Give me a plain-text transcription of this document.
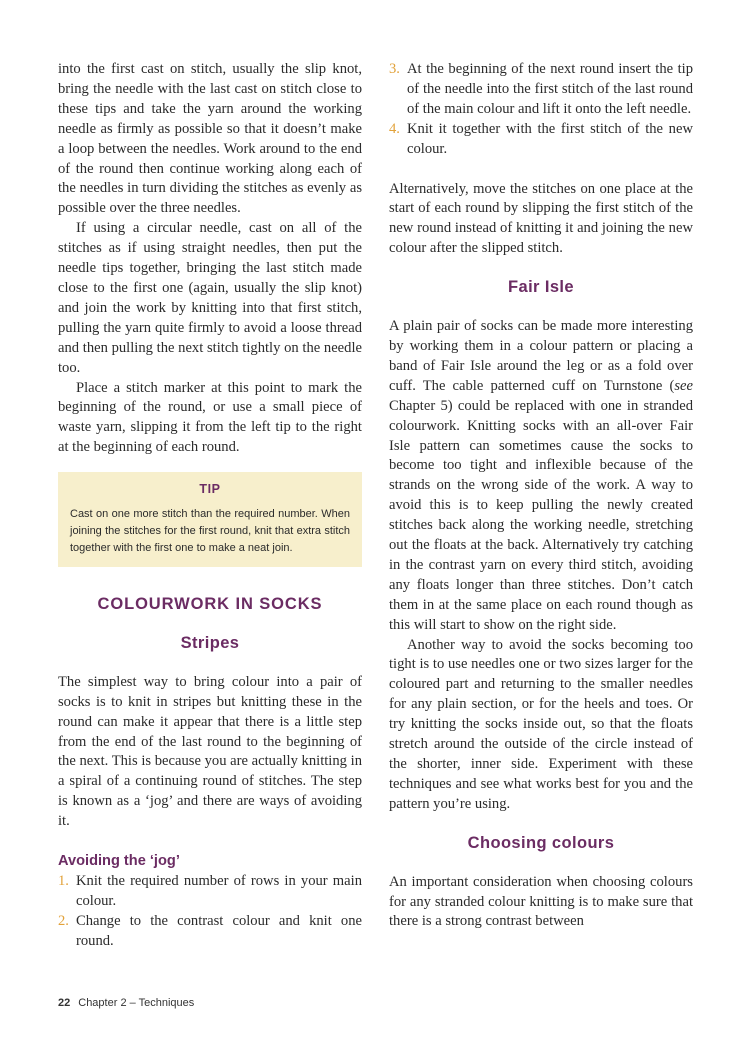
into the first cast on stitch, usually the slip knot, bring the needle with the last cast on stitch close to these tips and take the yarn around the working needle as firmly as possible so that it doesn’t make a loop between the needles. Work around to the end of the round then continue working along each of the needles in turn dividing the stitches as evenly as possible over the three needles.

If using a circular needle, cast on all of the stitches as if using straight needles, then put the needle tips together, bringing the last stitch made close to the first one (again, usually the slip knot) and join the work by knitting into that first stitch, pulling the yarn quite firmly to avoid a loose thread and then pulling the next stitch tightly on the needle too.

Place a stitch marker at this point to mark the beginning of the round, or use a small piece of waste yarn, slipping it from the left tip to the right at the beginning of each round.

TIP
Cast on one more stitch than the required number. When joining the stitches for the first round, knit that extra stitch together with the first one to make a neat join.
COLOURWORK IN SOCKS
Stripes

The simplest way to bring colour into a pair of socks is to knit in stripes but knitting these in the round can make it appear that there is a little step from the end of the last round to the beginning of the next. This is because you are actually knitting in a spiral of a continuing round of stitches. The step is known as a ‘jog’ and there are ways of avoiding it.

Avoiding the ‘jog’
1. Knit the required number of rows in your main colour.
2. Change to the contrast colour and knit one round.
3. At the beginning of the next round insert the tip of the needle into the first stitch of the last round of the main colour and lift it onto the left needle.
4. Knit it together with the first stitch of the new colour.

Alternatively, move the stitches on one place at the start of each round by slipping the first stitch of the new round instead of knitting it and joining the new colour after the slipped stitch.

Fair Isle

A plain pair of socks can be made more interesting by working them in a colour pattern or placing a band of Fair Isle around the leg or as a fold over cuff. The cable patterned cuff on Turnstone (see Chapter 5) could be replaced with one in stranded colourwork. Knitting socks with an all-over Fair Isle pattern can sometimes cause the socks to become too tight and inflexible because of the strands on the wrong side of the work. A way to avoid this is to keep pulling the newly created stitches back along the working needle, stretching out the floats at the back. Alternatively try catching in the contrast yarn on every third stitch, avoiding any floats longer than three stitches. Don’t catch them in at the same place on each round though as this will start to show on the right side.

Another way to avoid the socks becoming too tight is to use needles one or two sizes larger for the coloured part and returning to the smaller needles for any plain section, or for the heels and toes. Or try knitting the socks inside out, so that the floats stretch around the outside of the circle instead of the shorter, inner side. Experiment with these techniques and see what works best for you and the pattern you’re using.

Choosing colours

An important consideration when choosing colours for any stranded colour knitting is to make sure that there is a strong contrast between

22 Chapter 2 – Techniques
